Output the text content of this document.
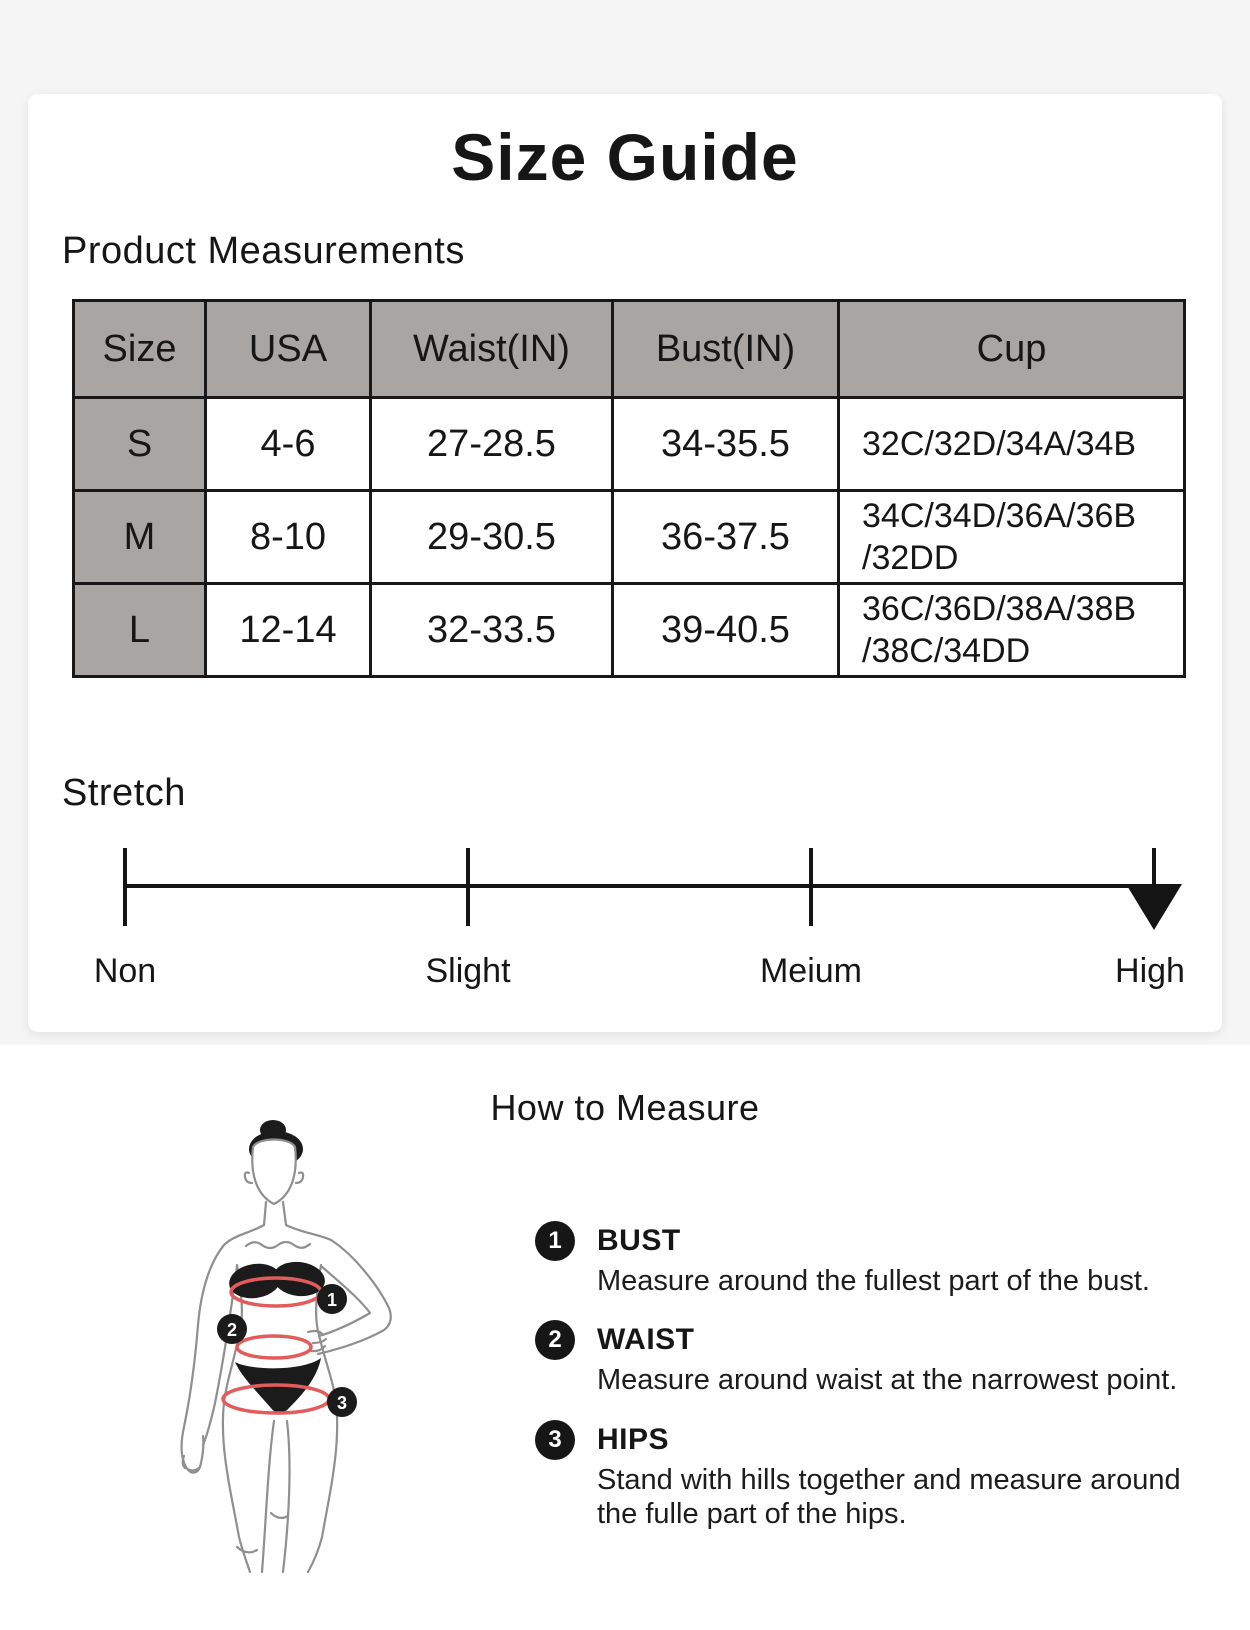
Size Guide
Product Measurements
Size	USA	Waist(IN)	Bust(IN)	Cup
S	4-6	27-28.5	34-35.5	32C/32D/34A/34B

M	8-10	29-30.5	36-37.5	34C/34D/36A/36B
/32DD

L	12-14	32-33.5	39-40.5	36C/36D/38A/38B
/38C/34DD
Stretch
Non	Slight	Meium	High
How to Measure
1
2
3
1	BUST
Measure around the fullest part of the bust.
2	WAIST
Measure around waist at the narrowest point.
3	HIPS
Stand with hills together and measure around
the fulle part of the hips.
